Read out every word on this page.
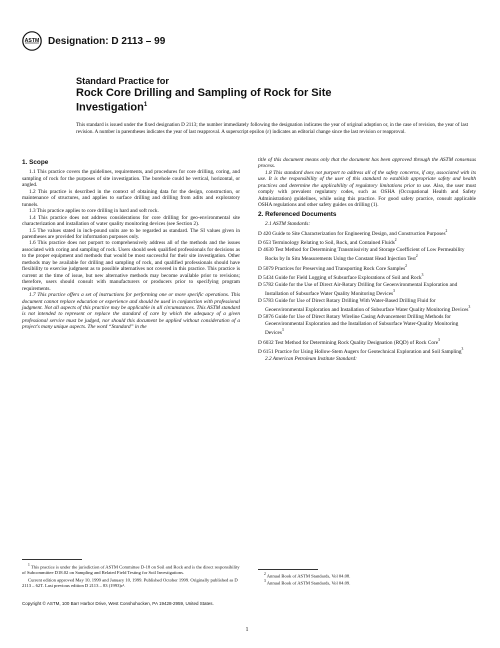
ASTM Designation: D 2113 – 99

Standard Practice for

Rock Core Drilling and Sampling of Rock for Site
Investigation$^1$

This standard is issued under the fixed designation D 2113; the number immediately following the designation indicates the year of original adoption or, in the case of revision, the year of last revision. A number in parentheses indicates the year of last reapproval. A superscript epsilon (ε) indicates an editorial change since the last revision or reapproval.

1. Scope

1.1 This practice covers the guidelines, requirements, and procedures for core drilling, coring, and sampling of rock for the purposes of site investigation. The borehole could be vertical, horizontal, or angled.

1.2 This practice is described in the context of obtaining data for the design, construction, or maintenance of structures, and applies to surface drilling and drilling from adits and exploratory tunnels.

1.3 This practice applies to core drilling in hard and soft rock.

1.4 This practice does not address considerations for core drilling for geo-environmental site characterization and installation of water quality monitoring devices (see Section 2).

1.5 The values stated in inch-pound units are to be regarded as standard. The SI values given in parentheses are provided for information purposes only.

1.6 This practice does not purport to comprehensively address all of the methods and the issues associated with coring and sampling of rock. Users should seek qualified professionals for decisions as to the proper equipment and methods that would be most successful for their site investigation. Other methods may be available for drilling and sampling of rock, and qualified professionals should have flexibility to exercise judgment as to possible alternatives not covered in this practice. This practice is current at the time of issue, but new alternative methods may become available prior to revisions; therefore, users should consult with manufacturers or producers prior to specifying program requirements.

1.7 This practice offers a set of instructions for performing one or more specific operations. This document cannot replace education or experience and should be used in conjunction with professional judgment. Not all aspects of this practice may be applicable in all circumstances. This ASTM standard is not intended to represent or replace the standard of care by which the adequacy of a given professional service must be judged, nor should this document be applied without consideration of a project's many unique aspects. The word “Standard” in the

title of this document means only that the document has been approved through the ASTM consensus process.

1.8 This standard does not purport to address all of the safety concerns, if any, associated with its use. It is the responsibility of the user of this standard to establish appropriate safety and health practices and determine the applicability of regulatory limitations prior to use. Also, the user must comply with prevalent regulatory codes, such as OSHA (Occupational Health and Safety Administration) guidelines, while using this practice. For good safety practice, consult applicable OSHA regulations and other safety guides on drilling (1).

2. Referenced Documents

2.1 ASTM Standards:

D 420 Guide to Site Characterization for Engineering Design, and Construction Purposes$^2$

D 653 Terminology Relating to Soil, Rock, and Contained Fluids$^2$

D 4630 Test Method for Determining Transmissivity and Storage Coefficient of Low Permeability Rocks by In Situ Measurements Using the Constant Head Injection Test$^2$

D 5079 Practices for Preserving and Transporting Rock Core Samples$^2$

D 5434 Guide for Field Logging of Subsurface Explorations of Soil and Rock$^3$

D 5782 Guide for the Use of Direct Air-Rotary Drilling for Geoenvironmental Exploration and Installation of Subsurface Water Quality Monitoring Devices$^3$

D 5783 Guide for Use of Direct Rotary Drilling With Water-Based Drilling Fluid for Geoenvironmental Exploration and Installation of Subsurface Water Quality Monitoring Devices$^3$

D 5876 Guide for Use of Direct Rotary Wireline Casing Advancement Drilling Methods for Geoenvironmental Exploration and the Installation of Subsurface Water-Quality Monitoring Devices$^3$

D 6032 Test Method for Determining Rock Quality Designation (RQD) of Rock Core$^3$

D 6151 Practice for Using Hollow-Stem Augers for Geotechnical Exploration and Soil Sampling$^3$

2.2 American Petroleum Institute Standard:

$^1$ This practice is under the jurisdiction of ASTM Committee D-18 on Soil and Rock and is the direct responsibility of Subcommittee D18.02 on Sampling and Related Field Testing for Soil Investigations.

Current edition approved May 10, 1999 and January 10, 1999. Published October 1999. Originally published as D 2113 – 62T. Last previous edition D 2113 – 83 (1993)ε¹.

$^2$ Annual Book of ASTM Standards, Vol 04.08.

$^3$ Annual Book of ASTM Standards, Vol 04.09.

Copyright © ASTM, 100 Barr Harbor Drive, West Conshohocken, PA 19428-2959, United States.
1
